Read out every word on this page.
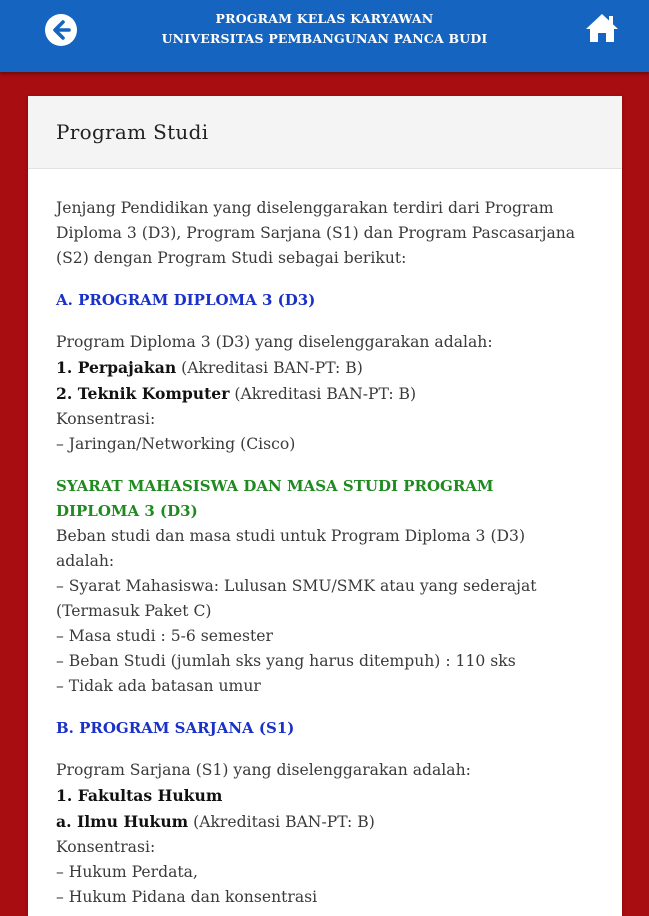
PROGRAM KELAS KARYAWAN
UNIVERSITAS PEMBANGUNAN PANCA BUDI
Program Studi

Jenjang Pendidikan yang diselenggarakan terdiri dari Program Diploma 3 (D3), Program Sarjana (S1) dan Program Pascasarjana (S2) dengan Program Studi sebagai berikut:

A. PROGRAM DIPLOMA 3 (D3)

Program Diploma 3 (D3) yang diselenggarakan adalah:

1. Perpajakan (Akreditasi BAN-PT: B)

2. Teknik Komputer (Akreditasi BAN-PT: B)

Konsentrasi:

– Jaringan/Networking (Cisco)

SYARAT MAHASISWA DAN MASA STUDI PROGRAM

DIPLOMA 3 (D3)

Beban studi dan masa studi untuk Program Diploma 3 (D3)

adalah:

– Syarat Mahasiswa: Lulusan SMU/SMK atau yang sederajat

(Termasuk Paket C)

– Masa studi : 5-6 semester

– Beban Studi (jumlah sks yang harus ditempuh) : 110 sks

– Tidak ada batasan umur

B. PROGRAM SARJANA (S1)

Program Sarjana (S1) yang diselenggarakan adalah:

1. Fakultas Hukum

a. Ilmu Hukum (Akreditasi BAN-PT: B)

Konsentrasi:

– Hukum Perdata,

– Hukum Pidana dan konsentrasi
